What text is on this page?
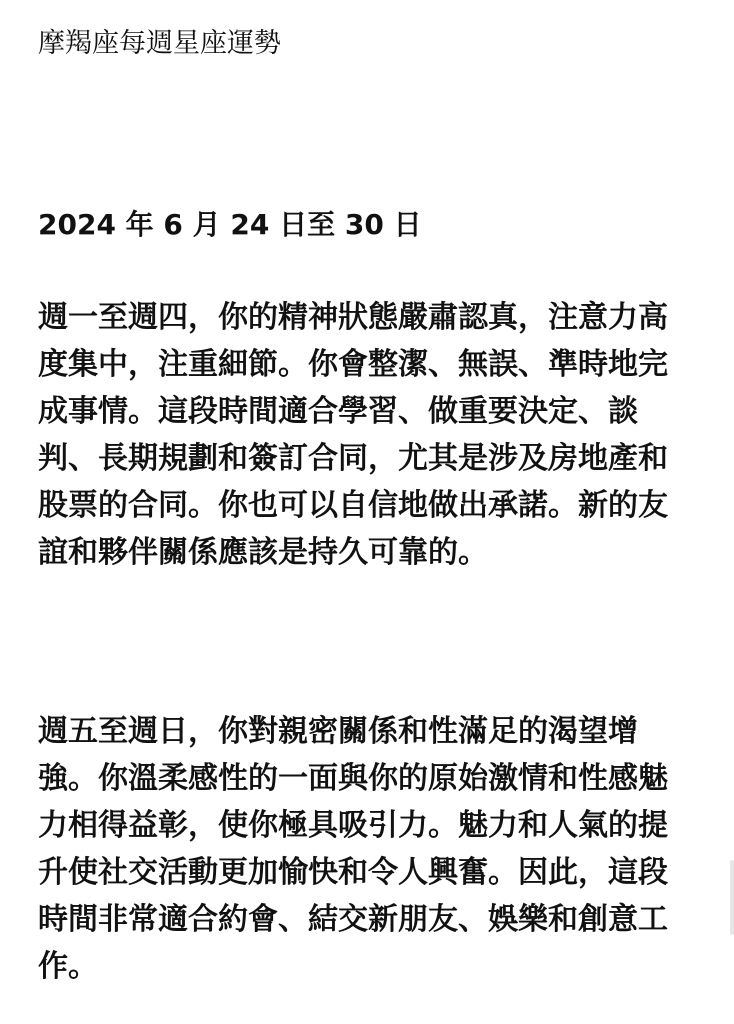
摩羯座每週星座運勢
2024 年 6 月 24 日至 30 日
週一至週四，你的精神狀態嚴肅認真，注意力高
度集中，注重細節。你會整潔、無誤、準時地完
成事情。這段時間適合學習、做重要決定、談
判、長期規劃和簽訂合同，尤其是涉及房地產和
股票的合同。你也可以自信地做出承諾。新的友
誼和夥伴關係應該是持久可靠的。
週五至週日，你對親密關係和性滿足的渴望增
強。你溫柔感性的一面與你的原始激情和性感魅
力相得益彰，使你極具吸引力。魅力和人氣的提
升使社交活動更加愉快和令人興奮。因此，這段
時間非常適合約會、結交新朋友、娛樂和創意工
作。
